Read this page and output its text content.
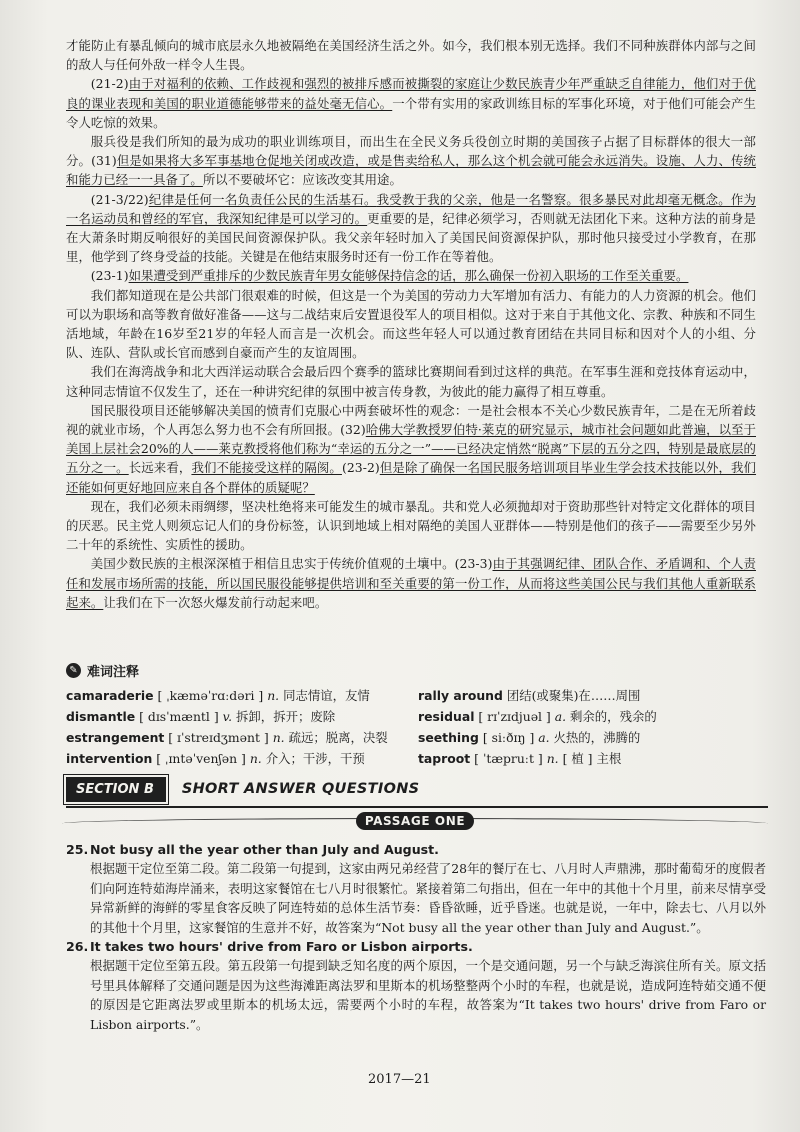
才能防止有暴乱倾向的城市底层永久地被隔绝在美国经济生活之外。如今，我们根本别无选择。我们不同种族群体内部与之间的敌人与任何外敌一样令人生畏。

(21-2)由于对福利的依赖、工作歧视和强烈的被排斥感而被撕裂的家庭让少数民族青少年严重缺乏自律能力，他们对于优良的课业表现和美国的职业道德能够带来的益处毫无信心。一个带有实用的家政训练目标的军事化环境，对于他们可能会产生令人吃惊的效果。

服兵役是我们所知的最为成功的职业训练项目，而出生在全民义务兵役创立时期的美国孩子占据了目标群体的很大一部分。(31)但是如果将大多军事基地仓促地关闭或改造，或是售卖给私人，那么这个机会就可能会永远消失。设施、人力、传统和能力已经一一具备了。所以不要破坏它：应该改变其用途。

(21-3/22)纪律是任何一名负责任公民的生活基石。我受教于我的父亲，他是一名警察。很多暴民对此却毫无概念。作为一名运动员和曾经的军官，我深知纪律是可以学习的。更重要的是，纪律必须学习，否则就无法团化下来。这种方法的前身是在大萧条时期反响很好的美国民间资源保护队。我父亲年轻时加入了美国民间资源保护队，那时他只接受过小学教育，在那里，他学到了终身受益的技能。关键是在他结束服务时还有一份工作在等着他。

(23-1)如果遭受到严重排斥的少数民族青年男女能够保持信念的话，那么确保一份初入职场的工作至关重要。

我们都知道现在是公共部门很艰难的时候，但这是一个为美国的劳动力大军增加有活力、有能力的人力资源的机会。他们可以为职场和高等教育做好准备——这与二战结束后安置退役军人的项目相似。这对于来自于其他文化、宗教、种族和不同生活地域，年龄在16岁至21岁的年轻人而言是一次机会。而这些年轻人可以通过教育团结在共同目标和因对个人的小组、分队、连队、营队或长官而感到自豪而产生的友谊周围。

我们在海湾战争和北大西洋运动联合会最后四个赛季的篮球比赛期间看到过这样的典范。在军事生涯和竞技体育运动中，这种同志情谊不仅发生了，还在一种讲究纪律的氛围中被言传身教，为彼此的能力赢得了相互尊重。

国民服役项目还能够解决美国的愤青们克服心中两套破坏性的观念：一是社会根本不关心少数民族青年，二是在无所着歧视的就业市场，个人再怎么努力也不会有所回报。(32)哈佛大学教授罗伯特·莱克的研究显示，城市社会问题如此普遍，以至于美国上层社会20%的人——莱克教授将他们称为“幸运的五分之一”——已经决定悄然“脱离”下层的五分之四，特别是最底层的五分之一。长远来看，我们不能接受这样的隔阂。(23-2)但是除了确保一名国民服务培训项目毕业生学会技术技能以外，我们还能如何更好地回应来自各个群体的质疑呢？

现在，我们必须未雨绸缪，坚决杜绝将来可能发生的城市暴乱。共和党人必须抛却对于资助那些针对特定文化群体的项目的厌恶。民主党人则须忘记人们的身份标签，认识到地域上相对隔绝的美国人亚群体——特别是他们的孩子——需要至少另外二十年的系统性、实质性的援助。

美国少数民族的主根深深植于相信且忠实于传统价值观的土壤中。(23-3)由于其强调纪律、团队合作、矛盾调和、个人责任和发展市场所需的技能，所以国民服役能够提供培训和至关重要的第一份工作，从而将这些美国公民与我们其他人重新联系起来。让我们在下一次怒火爆发前行动起来吧。

✎ 难词注释
camaraderie [ ˌkæməˈrɑːdəri ] n. 同志情谊，友情	rally around 团结(或聚集)在……周围
dismantle [ dɪsˈmæntl ] v. 拆卸，拆开；废除	residual [ rɪˈzɪdjuəl ] a. 剩余的，残余的
estrangement [ ɪˈstreɪdʒmənt ] n. 疏远；脱离，决裂	seething [ siːðɪŋ ] a. 火热的，沸腾的
intervention [ ˌɪntəˈvenʃən ] n. 介入；干涉，干预	taproot [ ˈtæpruːt ] n. [ 植 ] 主根
SECTION B	SHORT ANSWER QUESTIONS
PASSAGE ONE
25. Not busy all the year other than July and August.
根据题干定位至第二段。第二段第一句提到，这家由两兄弟经营了28年的餐厅在七、八月时人声鼎沸，那时葡萄牙的度假者们向阿连特茹海岸涌来，表明这家餐馆在七八月时很繁忙。紧接着第二句指出，但在一年中的其他十个月里，前来尽情享受异常新鲜的海鲜的零星食客反映了阿连特茹的总体生活节奏：昏昏欲睡，近乎昏迷。也就是说，一年中，除去七、八月以外的其他十个月里，这家餐馆的生意并不好，故答案为“Not busy all the year other than July and August.”。
26. It takes two hours' drive from Faro or Lisbon airports.
根据题干定位至第五段。第五段第一句提到缺乏知名度的两个原因，一个是交通问题，另一个与缺乏海滨住所有关。原文括号里具体解释了交通问题是因为这些海滩距离法罗和里斯本的机场整整两个小时的车程，也就是说，造成阿连特茹交通不便的原因是它距离法罗或里斯本的机场太远，需要两个小时的车程，故答案为“It takes two hours' drive from Faro or Lisbon airports.”。
2017—21
